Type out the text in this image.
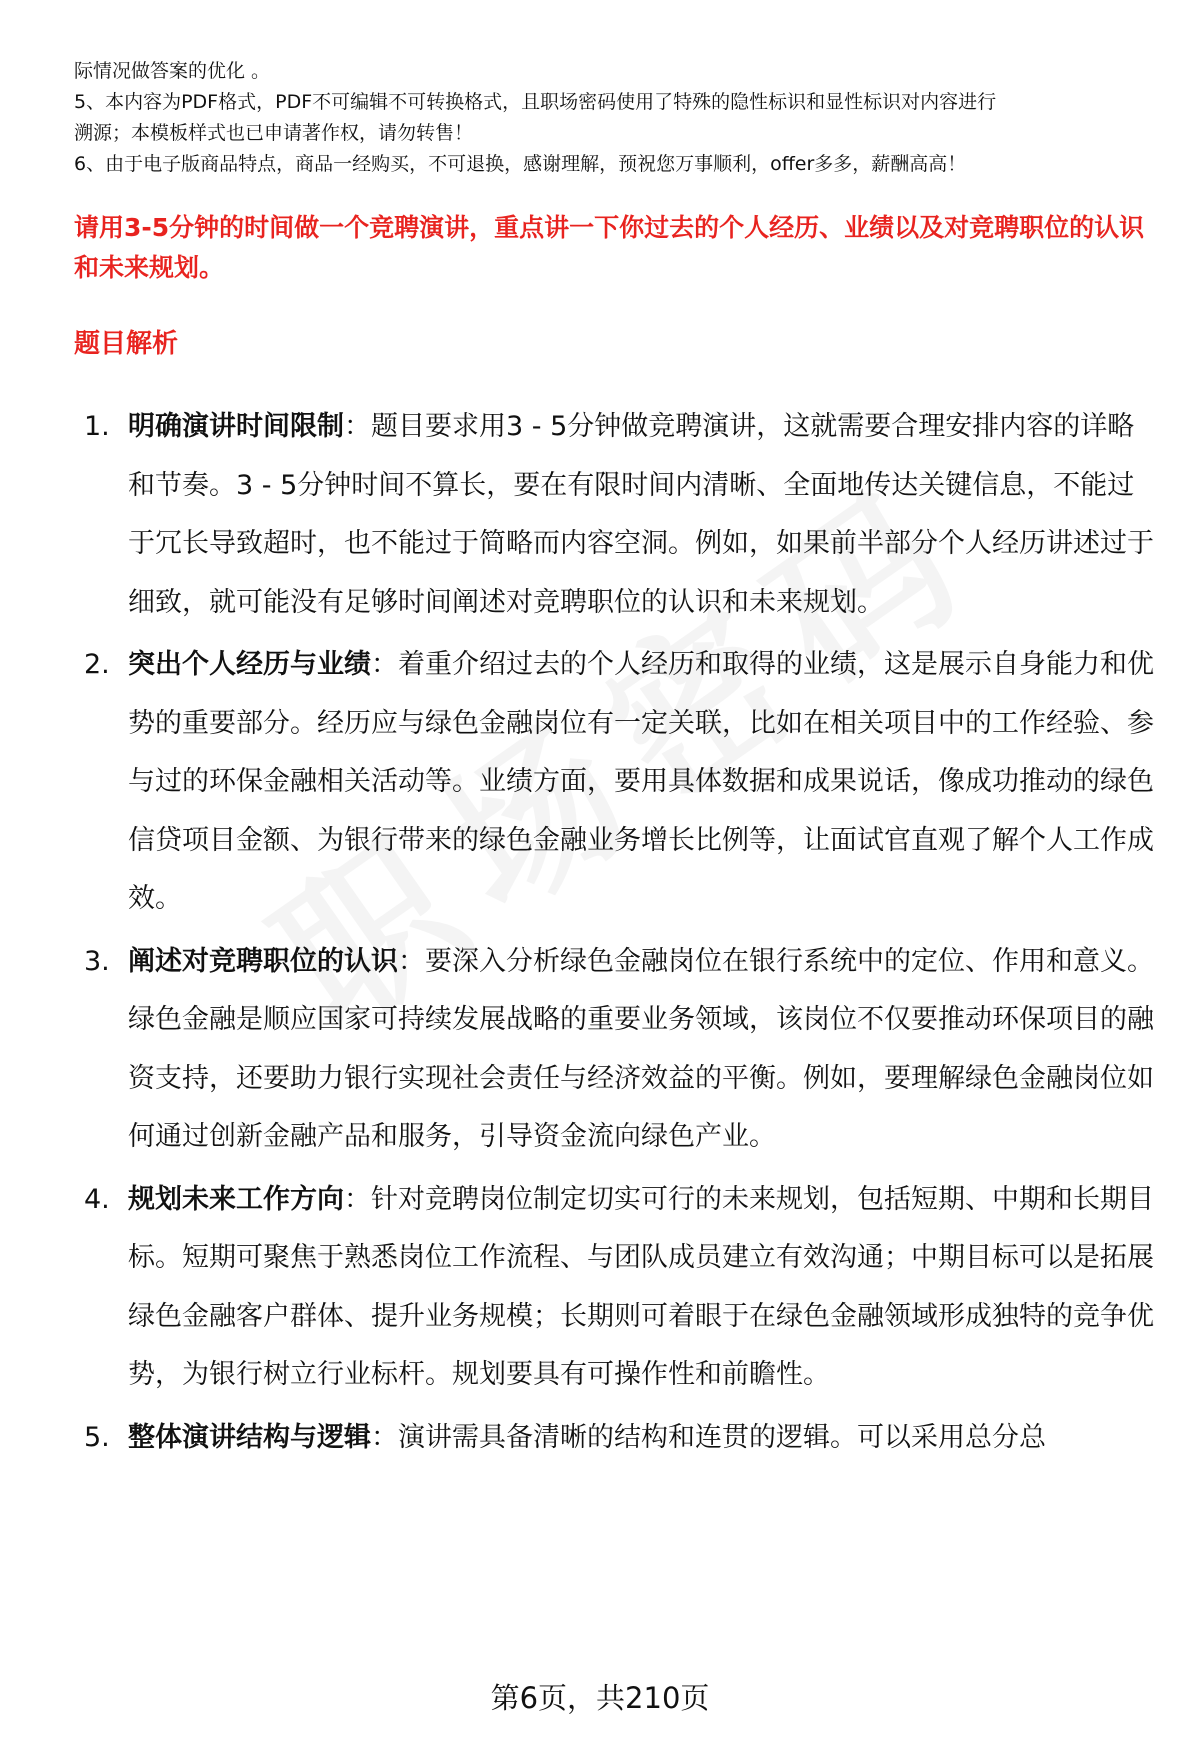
际情况做答案的优化 。
5、本内容为PDF格式，PDF不可编辑不可转换格式，且职场密码使用了特殊的隐性标识和显性标识对内容进行
溯源；本模板样式也已申请著作权，请勿转售！
6、由于电子版商品特点，商品一经购买，不可退换，感谢理解，预祝您万事顺利，offer多多，薪酬高高！
请用3-5分钟的时间做一个竞聘演讲，重点讲一下你过去的个人经历、业绩以及对竞聘职位的认识和未来规划。
题目解析
1. 明确演讲时间限制：题目要求用3 - 5分钟做竞聘演讲，这就需要合理安排内容的详略和节奏。3 - 5分钟时间不算长，要在有限时间内清晰、全面地传达关键信息，不能过于冗长导致超时，也不能过于简略而内容空洞。例如，如果前半部分个人经历讲述过于细致，就可能没有足够时间阐述对竞聘职位的认识和未来规划。
2. 突出个人经历与业绩：着重介绍过去的个人经历和取得的业绩，这是展示自身能力和优势的重要部分。经历应与绿色金融岗位有一定关联，比如在相关项目中的工作经验、参与过的环保金融相关活动等。业绩方面，要用具体数据和成果说话，像成功推动的绿色信贷项目金额、为银行带来的绿色金融业务增长比例等，让面试官直观了解个人工作成效。
3. 阐述对竞聘职位的认识：要深入分析绿色金融岗位在银行系统中的定位、作用和意义。绿色金融是顺应国家可持续发展战略的重要业务领域，该岗位不仅要推动环保项目的融资支持，还要助力银行实现社会责任与经济效益的平衡。例如，要理解绿色金融岗位如何通过创新金融产品和服务，引导资金流向绿色产业。
4. 规划未来工作方向：针对竞聘岗位制定切实可行的未来规划，包括短期、中期和长期目标。短期可聚焦于熟悉岗位工作流程、与团队成员建立有效沟通；中期目标可以是拓展绿色金融客户群体、提升业务规模；长期则可着眼于在绿色金融领域形成独特的竞争优势，为银行树立行业标杆。规划要具有可操作性和前瞻性。
5. 整体演讲结构与逻辑：演讲需具备清晰的结构和连贯的逻辑。可以采用总分总
第6页，共210页
